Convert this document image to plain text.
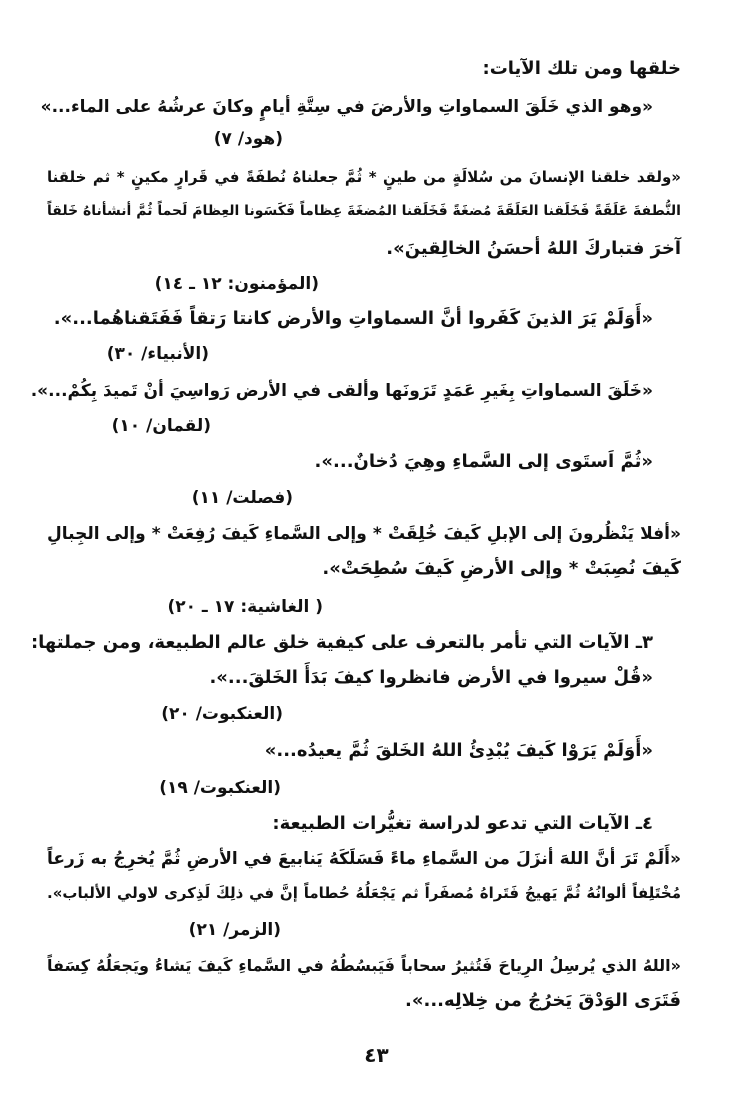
خلقها ومن تلك الآيات:
«وهو الذي خَلَقَ السماواتِ والأرضَ في سِتَّةِ أيامٍ وكانَ عرشُهُ على الماء...»
(هود/ ٧)
«ولقد خلقنا الإنسانَ من سُلالَةٍ من طينٍ * ثُمَّ جعلناهُ نُطفَةً في قَرارٍ مكينٍ * ثم خلقنا
النُّطفةَ عَلَقَةً فَخَلَقنا العَلَقَةَ مُضغَةً فَخَلَقنا المُضغَةَ عِظاماً فَكَسَونا العِظامَ لَحماً ثُمَّ أنشأناهُ خَلقاً
آخرَ فتباركَ اللهُ أحسَنُ الخالِقينَ».
(المؤمنون: ١٢ ـ ١٤)
«أَوَلَمْ يَرَ الذينَ كَفَروا أنَّ السماواتِ والأرض كانتا رَتقاً فَفَتَقناهُما...».
(الأنبياء/ ٣٠)
«خَلَقَ السماواتِ بِغَيرِ عَمَدٍ تَرَونَها وألقى في الأرض رَواسِيَ أنْ تَميدَ بِكُمْ...».
(لقمان/ ١٠)
«ثُمَّ اَستَوى إلى السَّماءِ وهِيَ دُخانٌ...».
(فصلت/ ١١)
«أفلا يَنْظُرونَ إلى الإبلِ كَيفَ خُلِقَتْ * وإلى السَّماءِ كَيفَ رُفِعَتْ * وإلى الجِبالِ
كَيفَ نُصِبَتْ * وإلى الأرضِ كَيفَ سُطِحَتْ».
( الغاشية: ١٧ ـ ٢٠)
٣ـ الآيات التي تأمر بالتعرف على كيفية خلق عالم الطبيعة، ومن جملتها:
«قُلْ سيروا في الأرض فانظروا كيفَ بَدَأَ الخَلقَ...».
(العنكبوت/ ٢٠)
«أَوَلَمْ يَرَوْا كَيفَ يُبْدِئُ اللهُ الخَلقَ ثُمَّ يعيدُه...»
(العنكبوت/ ١٩)
٤ـ الآيات التي تدعو لدراسة تغيُّرات الطبيعة:
«أَلَمْ تَرَ أنَّ اللهَ أنزَلَ من السَّماءِ ماءً فَسَلَكَهُ يَنابيعَ في الأرضِ ثُمَّ يُخرِجُ به زَرعاً
مُخْتَلِفاً ألوانُهُ ثُمَّ يَهيجُ فَتَراهُ مُصفَراً ثم يَجْعَلُهُ حُطاماً إنَّ في ذلِكَ لَذِكرى لاولي الألباب».
(الزمر/ ٢١)
«اللهُ الذي يُرسِلُ الرِياحَ فَتُثيرُ سحاباً فَيَبسُطُهُ في السَّماءِ كَيفَ يَشاءُ ويَجعَلُهُ كِسَفاً
فَتَرَى الوَدْقَ يَخرُجُ من خِلالِه...».
٤٣
